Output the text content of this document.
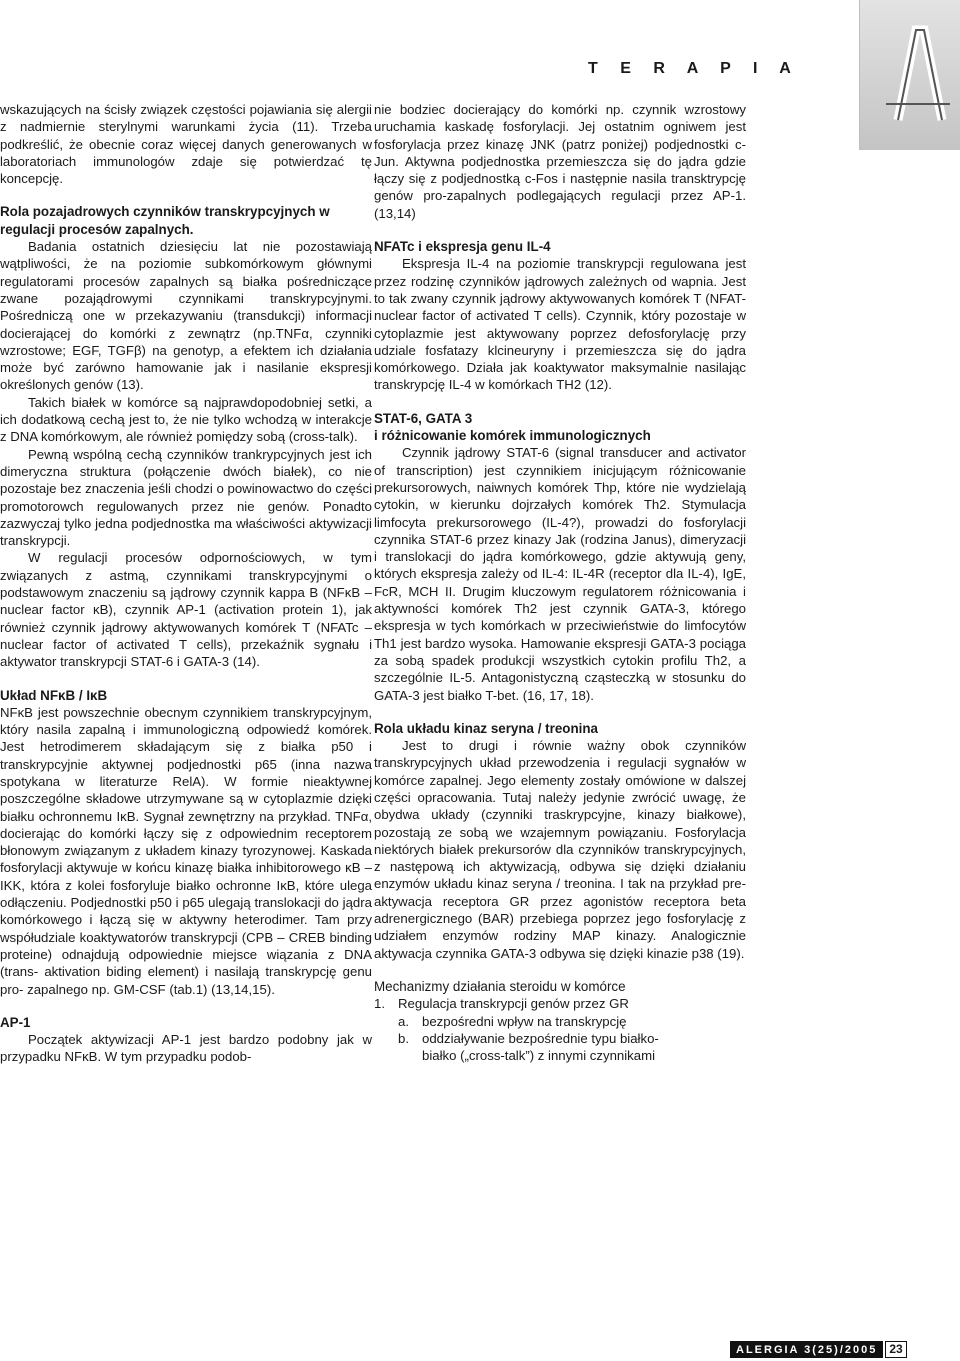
T E R A P I A

wskazujących na ścisły związek częstości pojawiania się alergii z nadmiernie sterylnymi warunkami życia (11). Trzeba podkreślić, że obecnie coraz więcej danych generowanych w laboratoriach immunologów zdaje się potwierdzać tę koncepcję.

Rola pozajadrowych czynników transkrypcyjnych w regulacji procesów zapalnych.

Badania ostatnich dziesięciu lat nie pozostawiają wątpliwości, że na poziomie subkomórkowym głównymi regulatorami procesów zapalnych są białka pośredniczące zwane pozajądrowymi czynnikami transkrypcyjnymi. Pośredniczą one w przekazywaniu (transdukcji) informacji docierającej do komórki z zewnątrz (np.TNFα, czynniki wzrostowe; EGF, TGFβ) na genotyp, a efektem ich działania może być zarówno hamowanie jak i nasilanie ekspresji określonych genów (13).

Takich białek w komórce są najprawdopodobniej setki, a ich dodatkową cechą jest to, że nie tylko wchodzą w interakcje z DNA komórkowym, ale również pomiędzy sobą (cross-talk).

Pewną wspólną cechą czynników trankrypcyjnych jest ich dimeryczna struktura (połączenie dwóch białek), co nie pozostaje bez znaczenia jeśli chodzi o powinowactwo do części promotorowch regulowanych przez nie genów. Ponadto zazwyczaj tylko jedna podjednostka ma właściwości aktywizacji transkrypcji.

W regulacji procesów odpornościowych, w tym związanych z astmą, czynnikami transkrypcyjnymi o podstawowym znaczeniu są jądrowy czynnik kappa B (NFκB – nuclear factor κB), czynnik AP-1 (activation protein 1), jak również czynnik jądrowy aktywowanych komórek T (NFATc – nuclear factor of activated T cells), przekaźnik sygnału i aktywator transkrypcji STAT-6 i GATA-3 (14).

Układ NFκB / IκB

NFκB jest powszechnie obecnym czynnikiem transkrypcyjnym, który nasila zapalną i immunologiczną odpowiedź komórek. Jest hetrodimerem składającym się z białka p50 i transkrypcyjnie aktywnej podjednostki p65 (inna nazwa spotykana w literaturze RelA). W formie nieaktywnej poszczególne składowe utrzymywane są w cytoplazmie dzięki białku ochronnemu IκB. Sygnał zewnętrzny na przykład. TNFα, docierając do komórki łączy się z odpowiednim receptorem błonowym związanym z układem kinazy tyrozynowej. Kaskada fosforylacji aktywuje w końcu kinazę białka inhibitorowego κB – IKK, która z kolei fosforyluje białko ochronne IκB, które ulega odłączeniu. Podjednostki p50 i p65 ulegają translokacji do jądra komórkowego i łączą się w aktywny heterodimer. Tam przy współudziale koaktywatorów transkrypcji (CPB – CREB binding proteine) odnajdują odpowiednie miejsce wiązania z DNA (trans- aktivation biding element) i nasilają transkrypcję genu pro- zapalnego np. GM-CSF (tab.1) (13,14,15).

AP-1

Początek aktywizacji AP-1 jest bardzo podobny jak w przypadku NFκB. W tym przypadku podob-

nie bodziec docierający do komórki np. czynnik wzrostowy uruchamia kaskadę fosforylacji. Jej ostatnim ogniwem jest fosforylacja przez kinazę JNK (patrz poniżej) podjednostki c-Jun. Aktywna podjednostka przemieszcza się do jądra gdzie łączy się z podjednostką c-Fos i następnie nasila transktrypcję genów pro-zapalnych podlegających regulacji przez AP-1. (13,14)

NFATc i ekspresja genu IL-4

Ekspresja IL-4 na poziomie transkrypcji regulowana jest przez rodzinę czynników jądrowych zależnych od wapnia. Jest to tak zwany czynnik jądrowy aktywowanych komórek T (NFAT-nuclear factor of activated T cells). Czynnik, który pozostaje w cytoplazmie jest aktywowany poprzez defosforylację przy udziale fosfatazy klcineuryny i przemieszcza się do jądra komórkowego. Działa jak koaktywator maksymalnie nasilając transkrypcję IL-4 w komórkach TH2 (12).

STAT-6, GATA 3
i różnicowanie komórek immunologicznych

Czynnik jądrowy STAT-6 (signal transducer and activator of transcription) jest czynnikiem inicjującym różnicowanie prekursorowych, naiwnych komórek Thp, które nie wydzielają cytokin, w kierunku dojrzałych komórek Th2. Stymulacja limfocyta prekursorowego (IL-4?), prowadzi do fosforylacji czynnika STAT-6 przez kinazy Jak (rodzina Janus), dimeryzacji i translokacji do jądra komórkowego, gdzie aktywują geny, których ekspresja zależy od IL-4: IL-4R (receptor dla IL-4), IgE, FcR, MCH II. Drugim kluczowym regulatorem różnicowania i aktywności komórek Th2 jest czynnik GATA-3, którego ekspresja w tych komórkach w przeciwieństwie do limfocytów Th1 jest bardzo wysoka. Hamowanie ekspresji GATA-3 pociąga za sobą spadek produkcji wszystkich cytokin profilu Th2, a szczególnie IL-5. Antagonistyczną cząsteczką w stosunku do GATA-3 jest białko T-bet. (16, 17, 18).

Rola układu kinaz seryna / treonina

Jest to drugi i równie ważny obok czynników transkrypcyjnych układ przewodzenia i regulacji sygnałów w komórce zapalnej. Jego elementy zostały omówione w dalszej części opracowania. Tutaj należy jedynie zwrócić uwagę, że obydwa układy (czynniki traskrypcyjne, kinazy białkowe), pozostają ze sobą we wzajemnym powiązaniu. Fosforylacja niektórych białek prekursorów dla czynników transkrypcyjnych, z następową ich aktywizacją, odbywa się dzięki działaniu enzymów układu kinaz seryna / treonina. I tak na przykład pre-aktywacja receptora GR przez agonistów receptora beta adrenergicznego (BAR) przebiega poprzez jego fosforylację z udziałem enzymów rodziny MAP kinazy. Analogicznie aktywacja czynnika GATA-3 odbywa się dzięki kinazie p38 (19).

Mechanizmy działania steroidu w komórce
1. Regulacja transkrypcji genów przez GR
a. bezpośredni wpływ na transkrypcję
b. oddziaływanie bezpośrednie typu białko-
białko („cross-talk”) z innymi czynnikami
ALERGIA 3(25)/2005	23
